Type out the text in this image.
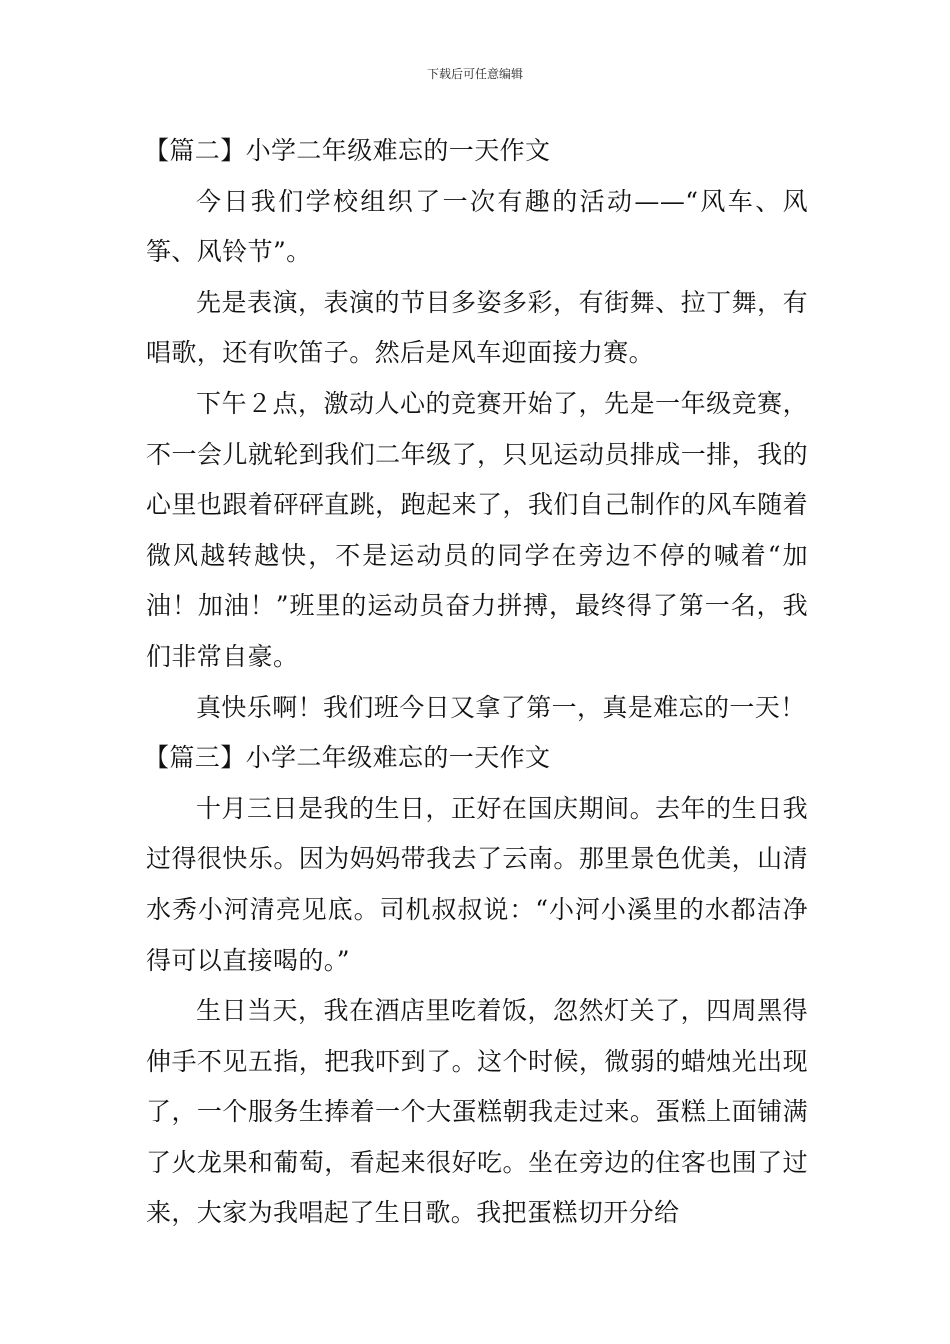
下载后可任意编辑

【篇二】小学二年级难忘的一天作文

今日我们学校组织了一次有趣的活动——“风车、风筝、风铃节”。

先是表演，表演的节目多姿多彩，有街舞、拉丁舞，有唱歌，还有吹笛子。然后是风车迎面接力赛。

下午２点，激动人心的竞赛开始了，先是一年级竞赛，不一会儿就轮到我们二年级了，只见运动员排成一排，我的心里也跟着砰砰直跳，跑起来了，我们自己制作的风车随着微风越转越快，不是运动员的同学在旁边不停的喊着“加油！加油！”班里的运动员奋力拼搏，最终得了第一名，我们非常自豪。

真快乐啊！我们班今日又拿了第一，真是难忘的一天！

【篇三】小学二年级难忘的一天作文

十月三日是我的生日，正好在国庆期间。去年的生日我过得很快乐。因为妈妈带我去了云南。那里景色优美，山清水秀小河清亮见底。司机叔叔说：“小河小溪里的水都洁净得可以直接喝的。”

生日当天，我在酒店里吃着饭，忽然灯关了，四周黑得伸手不见五指，把我吓到了。这个时候，微弱的蜡烛光出现了，一个服务生捧着一个大蛋糕朝我走过来。蛋糕上面铺满了火龙果和葡萄，看起来很好吃。坐在旁边的住客也围了过来，大家为我唱起了生日歌。我把蛋糕切开分给
